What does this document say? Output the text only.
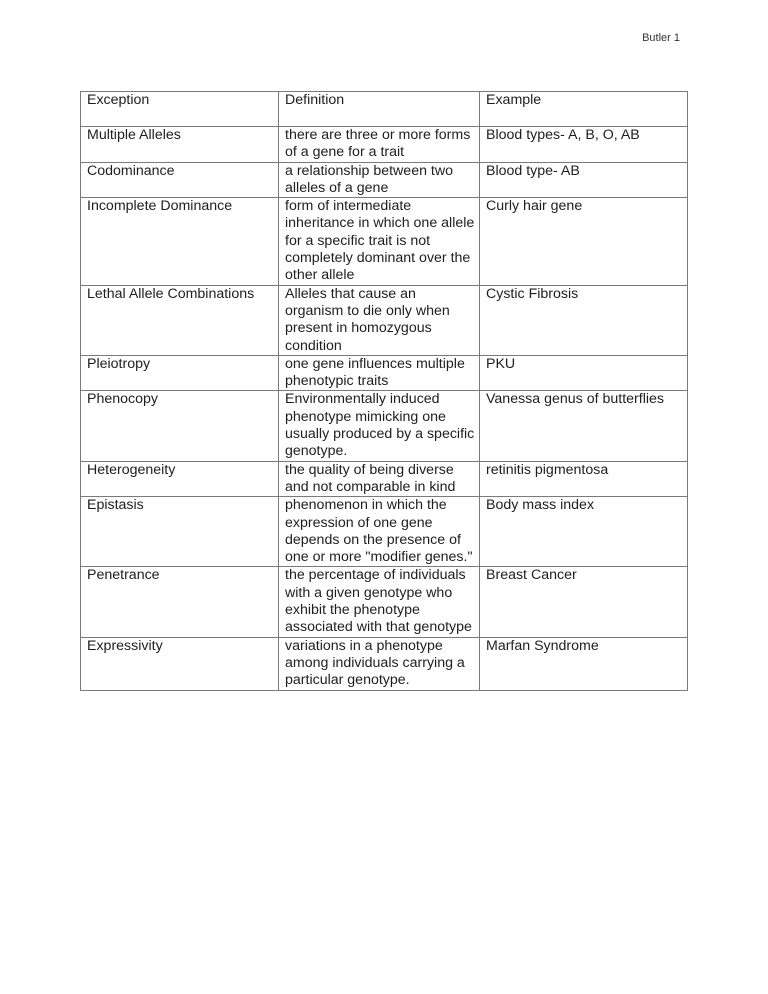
Butler 1
Exception	Definition	Example
Multiple Alleles	there are three or more forms of a gene for a trait	Blood types- A, B, O, AB
Codominance	a relationship between two alleles of a gene	Blood type- AB
Incomplete Dominance	form of intermediate inheritance in which one allele for a specific trait is not completely dominant over the other allele	Curly hair gene
Lethal Allele Combinations	Alleles that cause an organism to die only when present in homozygous condition	Cystic Fibrosis
Pleiotropy	one gene influences multiple phenotypic traits	PKU
Phenocopy	Environmentally induced phenotype mimicking one usually produced by a specific genotype.	Vanessa genus of butterflies
Heterogeneity	the quality of being diverse and not comparable in kind	retinitis pigmentosa
Epistasis	phenomenon in which the expression of one gene depends on the presence of one or more "modifier genes."	Body mass index
Penetrance	the percentage of individuals with a given genotype who exhibit the phenotype associated with that genotype	Breast Cancer
Expressivity	variations in a phenotype among individuals carrying a particular genotype.	Marfan Syndrome
